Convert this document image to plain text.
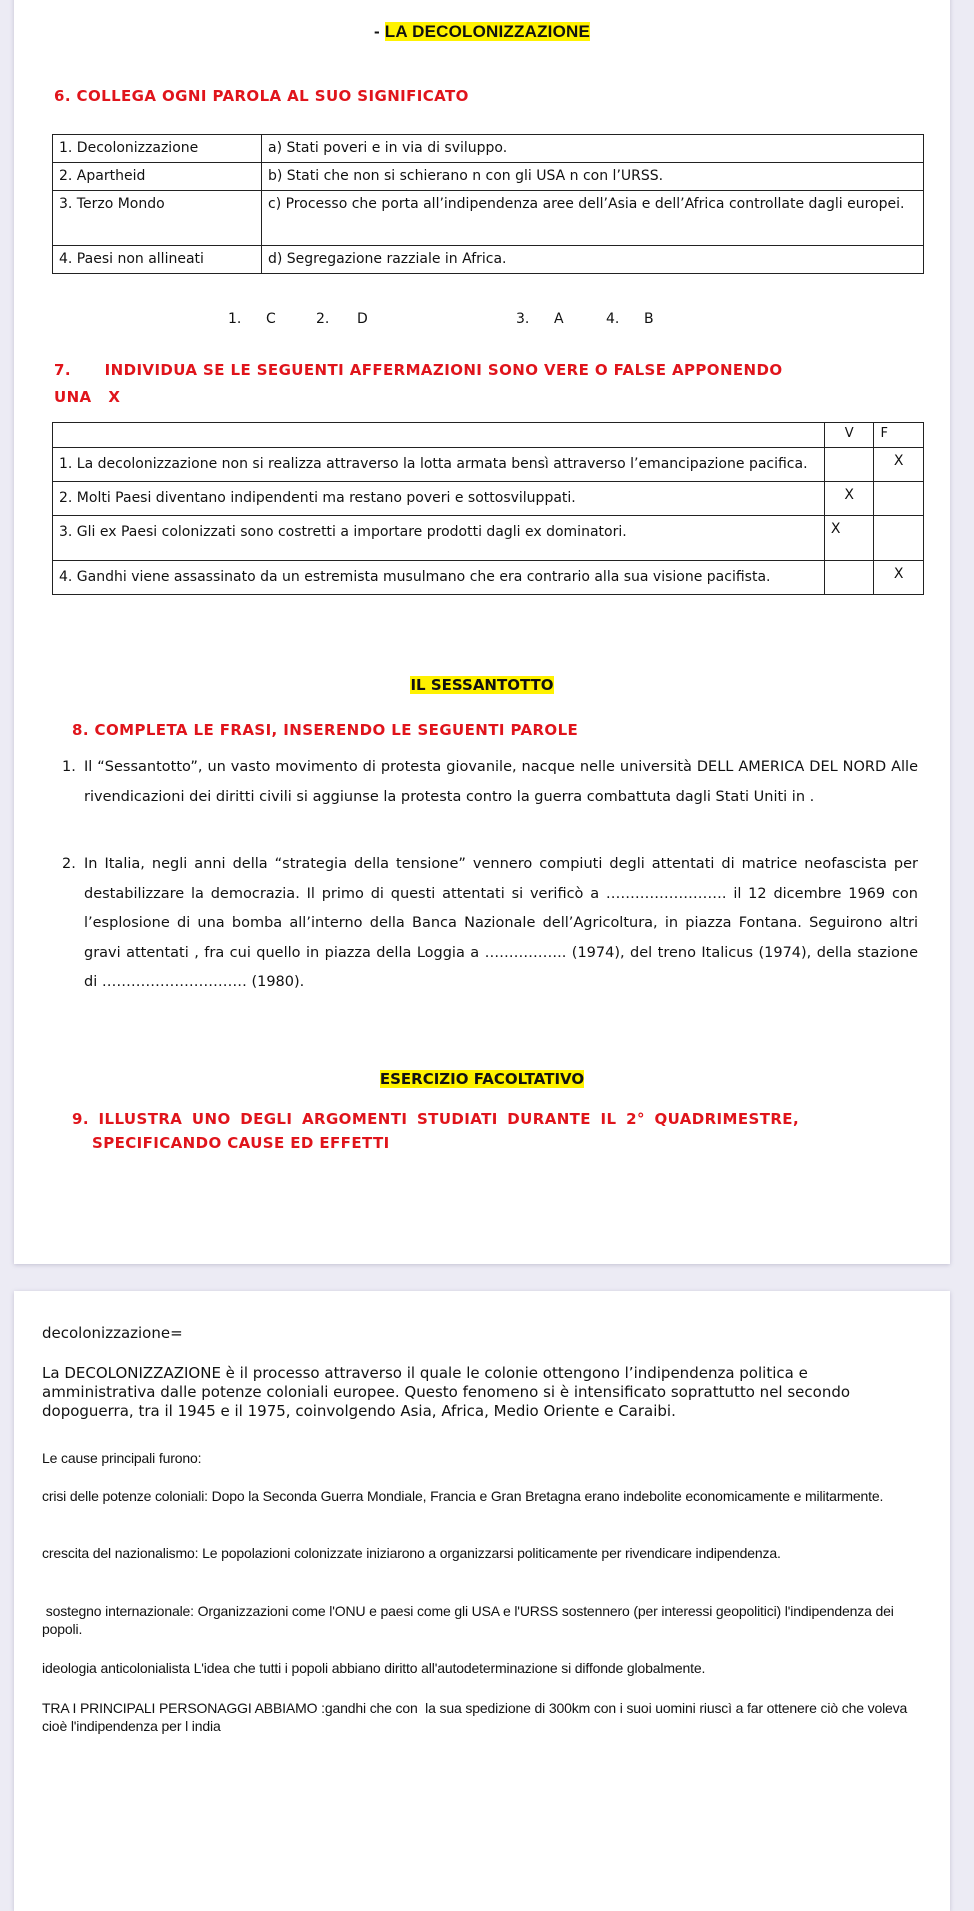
- LA DECOLONIZZAZIONE
6. COLLEGA OGNI PAROLA AL SUO SIGNIFICATO
1. Decolonizzazione	a) Stati poveri e in via di sviluppo.
2. Apartheid	b) Stati che non si schierano n con gli USA n con l’URSS.
3. Terzo Mondo	c) Processo che porta all’indipendenza aree dell’Asia e dell’Africa controllate dagli europei.
4. Paesi non allineati	d) Segregazione razziale in Africa.
1. C	2. D	3. A	4. B
7.      INDIVIDUA SE LE SEGUENTI AFFERMAZIONI SONO VERE O FALSE APPONENDO
UNA   X
	V	F
1. La decolonizzazione non si realizza attraverso la lotta armata bensì attraverso l’emancipazione pacifica.		X
2. Molti Paesi diventano indipendenti ma restano poveri e sottosviluppati.	X	
3. Gli ex Paesi colonizzati sono costretti a importare prodotti dagli ex dominatori.	X	
4. Gandhi viene assassinato da un estremista musulmano che era contrario alla sua visione pacifista.		X
IL SESSANTOTTO
8. COMPLETA LE FRASI, INSERENDO LE SEGUENTI PAROLE
1. Il “Sessantotto”, un vasto movimento di protesta giovanile, nacque nelle università DELL AMERICA DEL NORD Alle rivendicazioni dei diritti civili si aggiunse la protesta contro la guerra combattuta dagli Stati Uniti in .
2. In Italia, negli anni della “strategia della tensione” vennero compiuti degli attentati di matrice neofascista per destabilizzare la democrazia. Il primo di questi attentati si verificò a ……………………. il 12 dicembre 1969 con l’esplosione di una bomba all’interno della Banca Nazionale dell’Agricoltura, in piazza Fontana. Seguirono altri gravi attentati , fra cui quello in piazza della Loggia a …………….. (1974), del treno Italicus (1974), della stazione di ………………………… (1980).
ESERCIZIO FACOLTATIVO
9. ILLUSTRA UNO DEGLI ARGOMENTI STUDIATI DURANTE IL 2° QUADRIMESTRE,
SPECIFICANDO CAUSE ED EFFETTI
decolonizzazione=
La DECOLONIZZAZIONE è il processo attraverso il quale le colonie ottengono l’indipendenza politica e amministrativa dalle potenze coloniali europee. Questo fenomeno si è intensificato soprattutto nel secondo dopoguerra, tra il 1945 e il 1975, coinvolgendo Asia, Africa, Medio Oriente e Caraibi.
Le cause principali furono:
crisi delle potenze coloniali: Dopo la Seconda Guerra Mondiale, Francia e Gran Bretagna erano indebolite economicamente e militarmente.
crescita del nazionalismo: Le popolazioni colonizzate iniziarono a organizzarsi politicamente per rivendicare indipendenza.
sostegno internazionale: Organizzazioni come l'ONU e paesi come gli USA e l'URSS sostennero (per interessi geopolitici) l'indipendenza dei popoli.
ideologia anticolonialista L'idea che tutti i popoli abbiano diritto all'autodeterminazione si diffonde globalmente.
TRA I PRINCIPALI PERSONAGGI ABBIAMO :gandhi che con  la sua spedizione di 300km con i suoi uomini riuscì a far ottenere ciò che voleva cioè l'indipendenza per l india
